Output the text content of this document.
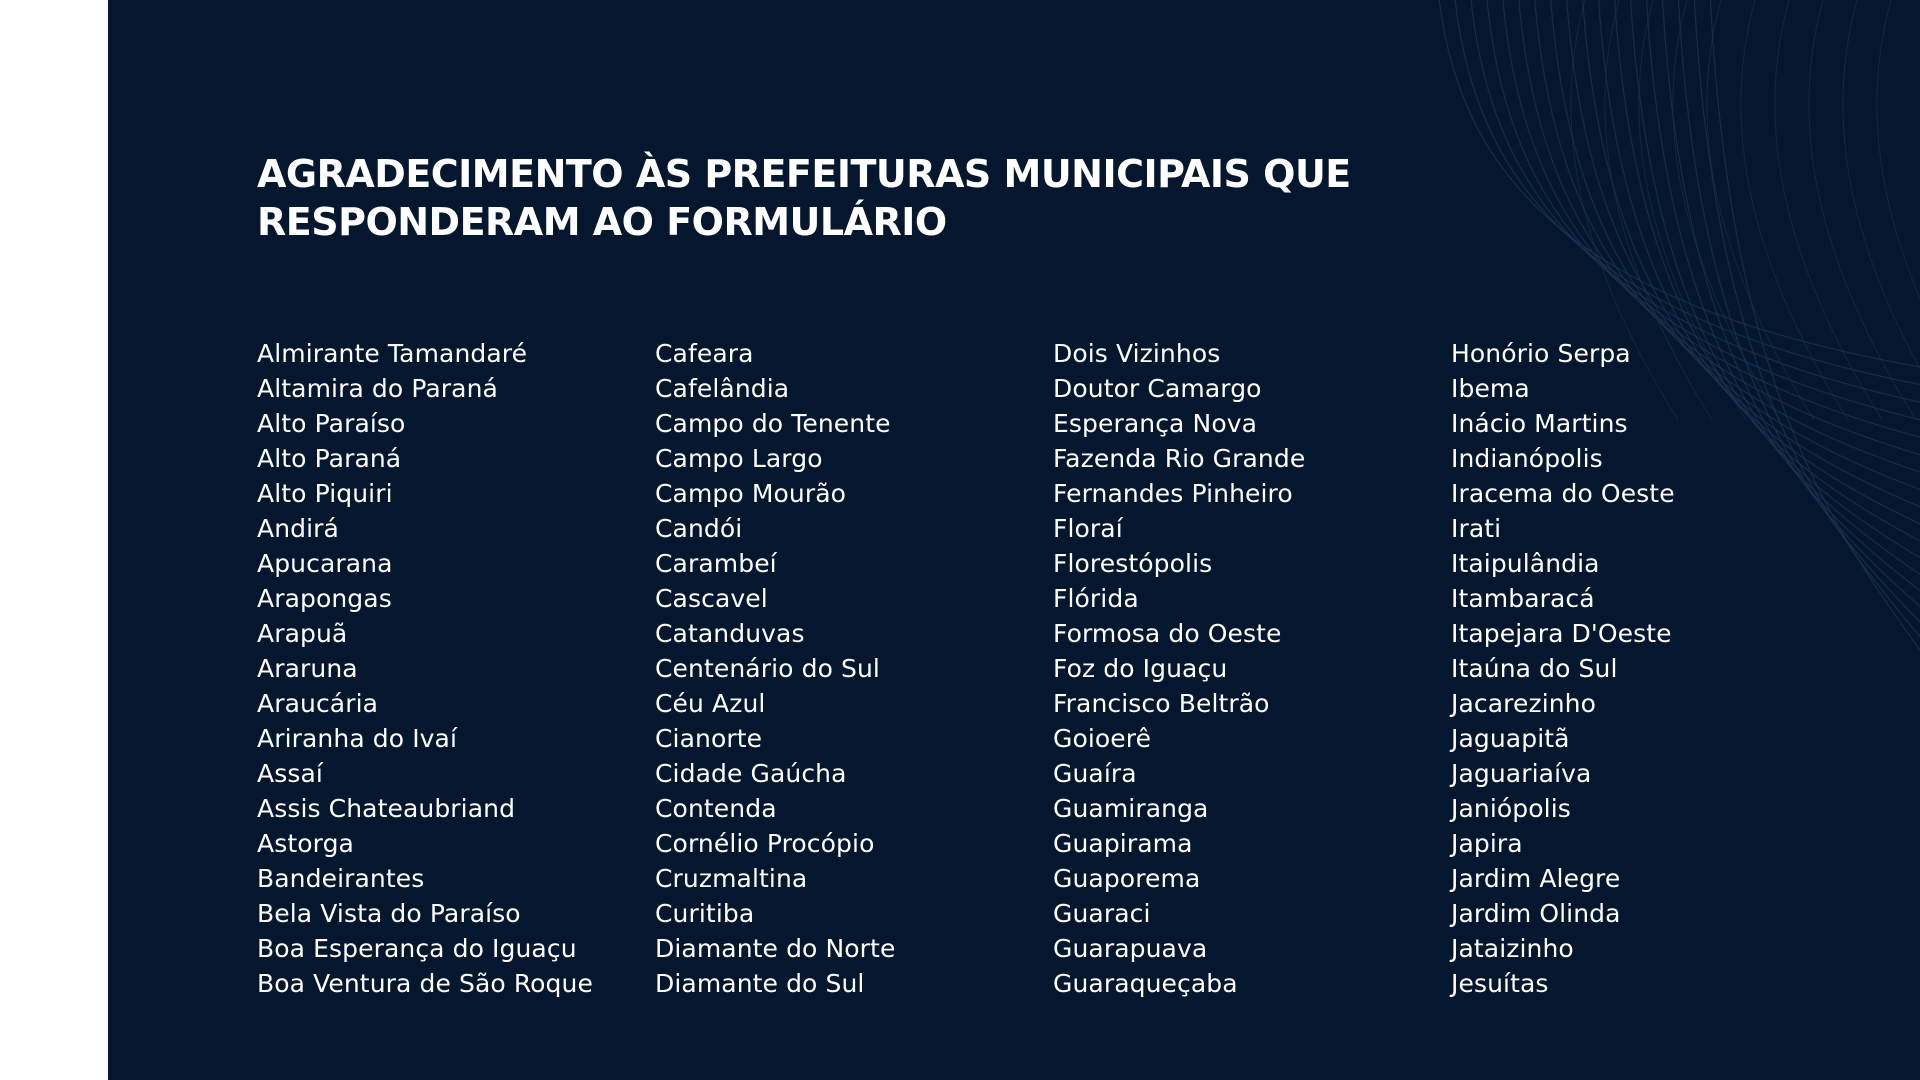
AGRADECIMENTO ÀS PREFEITURAS MUNICIPAIS QUE
RESPONDERAM AO FORMULÁRIO
Almirante Tamandaré
Altamira do Paraná
Alto Paraíso
Alto Paraná
Alto Piquiri
Andirá
Apucarana
Arapongas
Arapuã
Araruna
Araucária
Ariranha do Ivaí
Assaí
Assis Chateaubriand
Astorga
Bandeirantes
Bela Vista do Paraíso
Boa Esperança do Iguaçu
Boa Ventura de São Roque
Cafeara
Cafelândia
Campo do Tenente
Campo Largo
Campo Mourão
Candói
Carambeí
Cascavel
Catanduvas
Centenário do Sul
Céu Azul
Cianorte
Cidade Gaúcha
Contenda
Cornélio Procópio
Cruzmaltina
Curitiba
Diamante do Norte
Diamante do Sul
Dois Vizinhos
Doutor Camargo
Esperança Nova
Fazenda Rio Grande
Fernandes Pinheiro
Floraí
Florestópolis
Flórida
Formosa do Oeste
Foz do Iguaçu
Francisco Beltrão
Goioerê
Guaíra
Guamiranga
Guapirama
Guaporema
Guaraci
Guarapuava
Guaraqueçaba
Honório Serpa
Ibema
Inácio Martins
Indianópolis
Iracema do Oeste
Irati
Itaipulândia
Itambaracá
Itapejara D'Oeste
Itaúna do Sul
Jacarezinho
Jaguapitã
Jaguariaíva
Janiópolis
Japira
Jardim Alegre
Jardim Olinda
Jataizinho
Jesuítas
